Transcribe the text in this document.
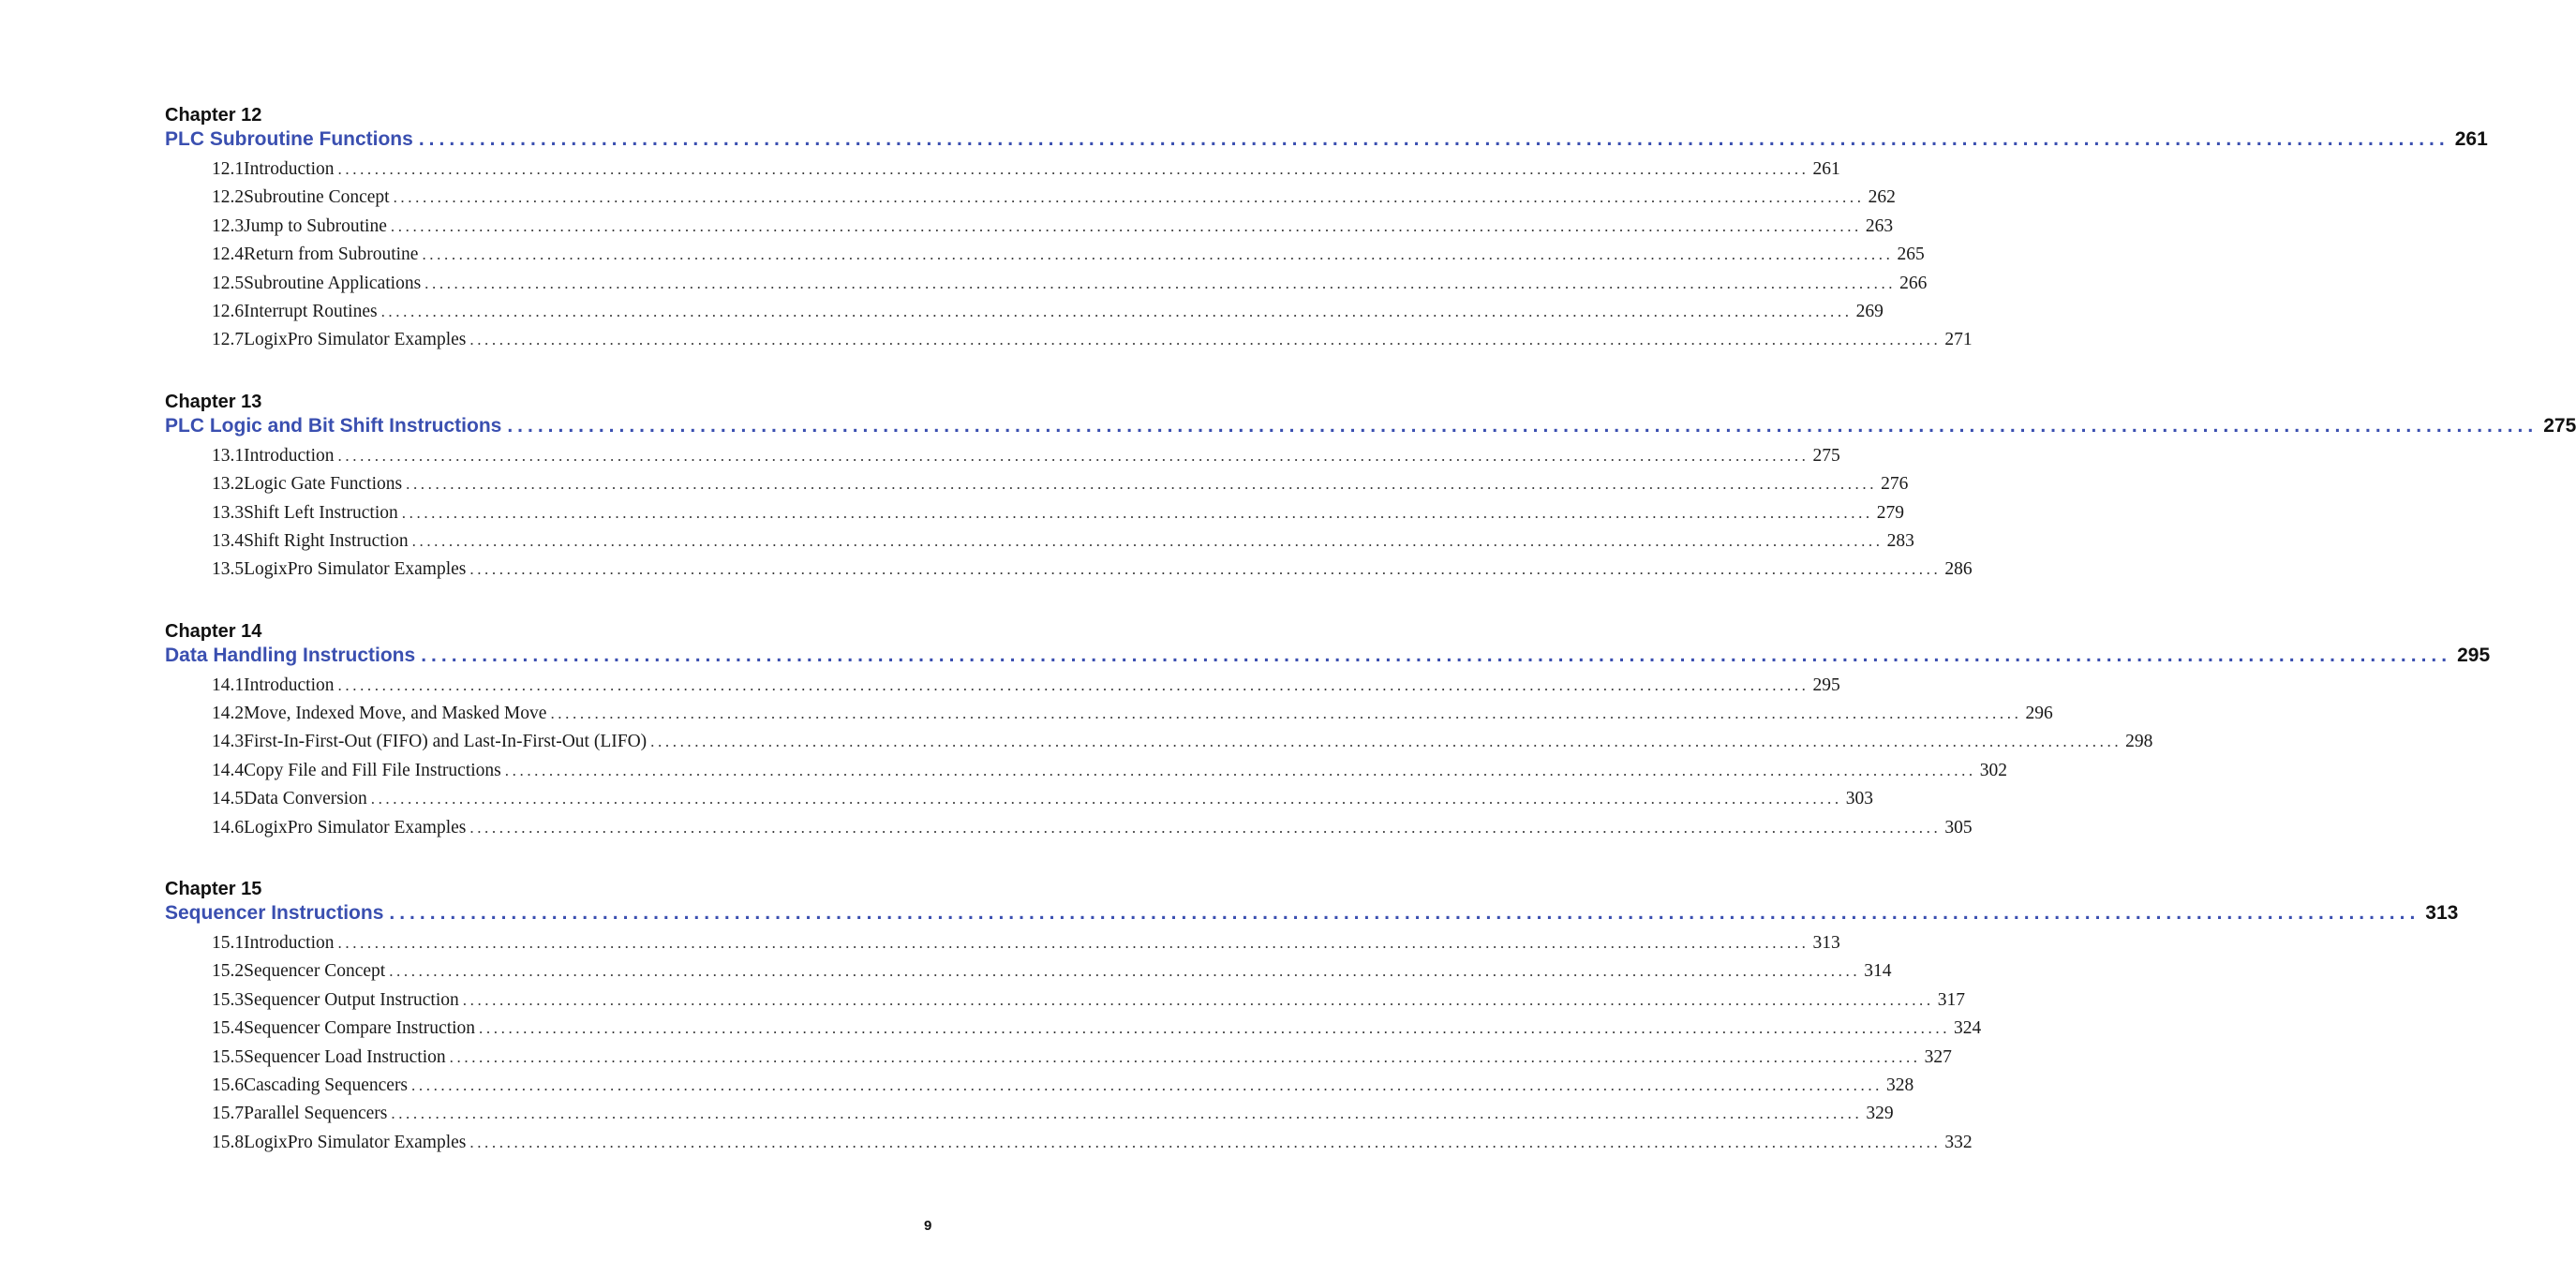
Chapter 12
PLC Subroutine Functions ........................................................................................................................................................................................................ 261
12.1 Introduction ........................................................................................................................................................................................................ 261
12.2 Subroutine Concept ........................................................................................................................................................................................................ 262
12.3 Jump to Subroutine ........................................................................................................................................................................................................ 263
12.4 Return from Subroutine ........................................................................................................................................................................................................ 265
12.5 Subroutine Applications ........................................................................................................................................................................................................ 266
12.6 Interrupt Routines ........................................................................................................................................................................................................ 269
12.7 LogixPro Simulator Examples ........................................................................................................................................................................................................ 271
Chapter 13
PLC Logic and Bit Shift Instructions ........................................................................................................................................................................................................ 275
13.1 Introduction ........................................................................................................................................................................................................ 275
13.2 Logic Gate Functions ........................................................................................................................................................................................................ 276
13.3 Shift Left Instruction ........................................................................................................................................................................................................ 279
13.4 Shift Right Instruction ........................................................................................................................................................................................................ 283
13.5 LogixPro Simulator Examples ........................................................................................................................................................................................................ 286
Chapter 14
Data Handling Instructions ........................................................................................................................................................................................................ 295
14.1 Introduction ........................................................................................................................................................................................................ 295
14.2 Move, Indexed Move, and Masked Move ........................................................................................................................................................................................................ 296
14.3 First-In-First-Out (FIFO) and Last-In-First-Out (LIFO) ........................................................................................................................................................................................................ 298
14.4 Copy File and Fill File Instructions ........................................................................................................................................................................................................ 302
14.5 Data Conversion ........................................................................................................................................................................................................ 303
14.6 LogixPro Simulator Examples ........................................................................................................................................................................................................ 305
Chapter 15
Sequencer Instructions ........................................................................................................................................................................................................ 313
15.1 Introduction ........................................................................................................................................................................................................ 313
15.2 Sequencer Concept ........................................................................................................................................................................................................ 314
15.3 Sequencer Output Instruction ........................................................................................................................................................................................................ 317
15.4 Sequencer Compare Instruction ........................................................................................................................................................................................................ 324
15.5 Sequencer Load Instruction ........................................................................................................................................................................................................ 327
15.6 Cascading Sequencers ........................................................................................................................................................................................................ 328
15.7 Parallel Sequencers ........................................................................................................................................................................................................ 329
15.8 LogixPro Simulator Examples ........................................................................................................................................................................................................ 332
9
